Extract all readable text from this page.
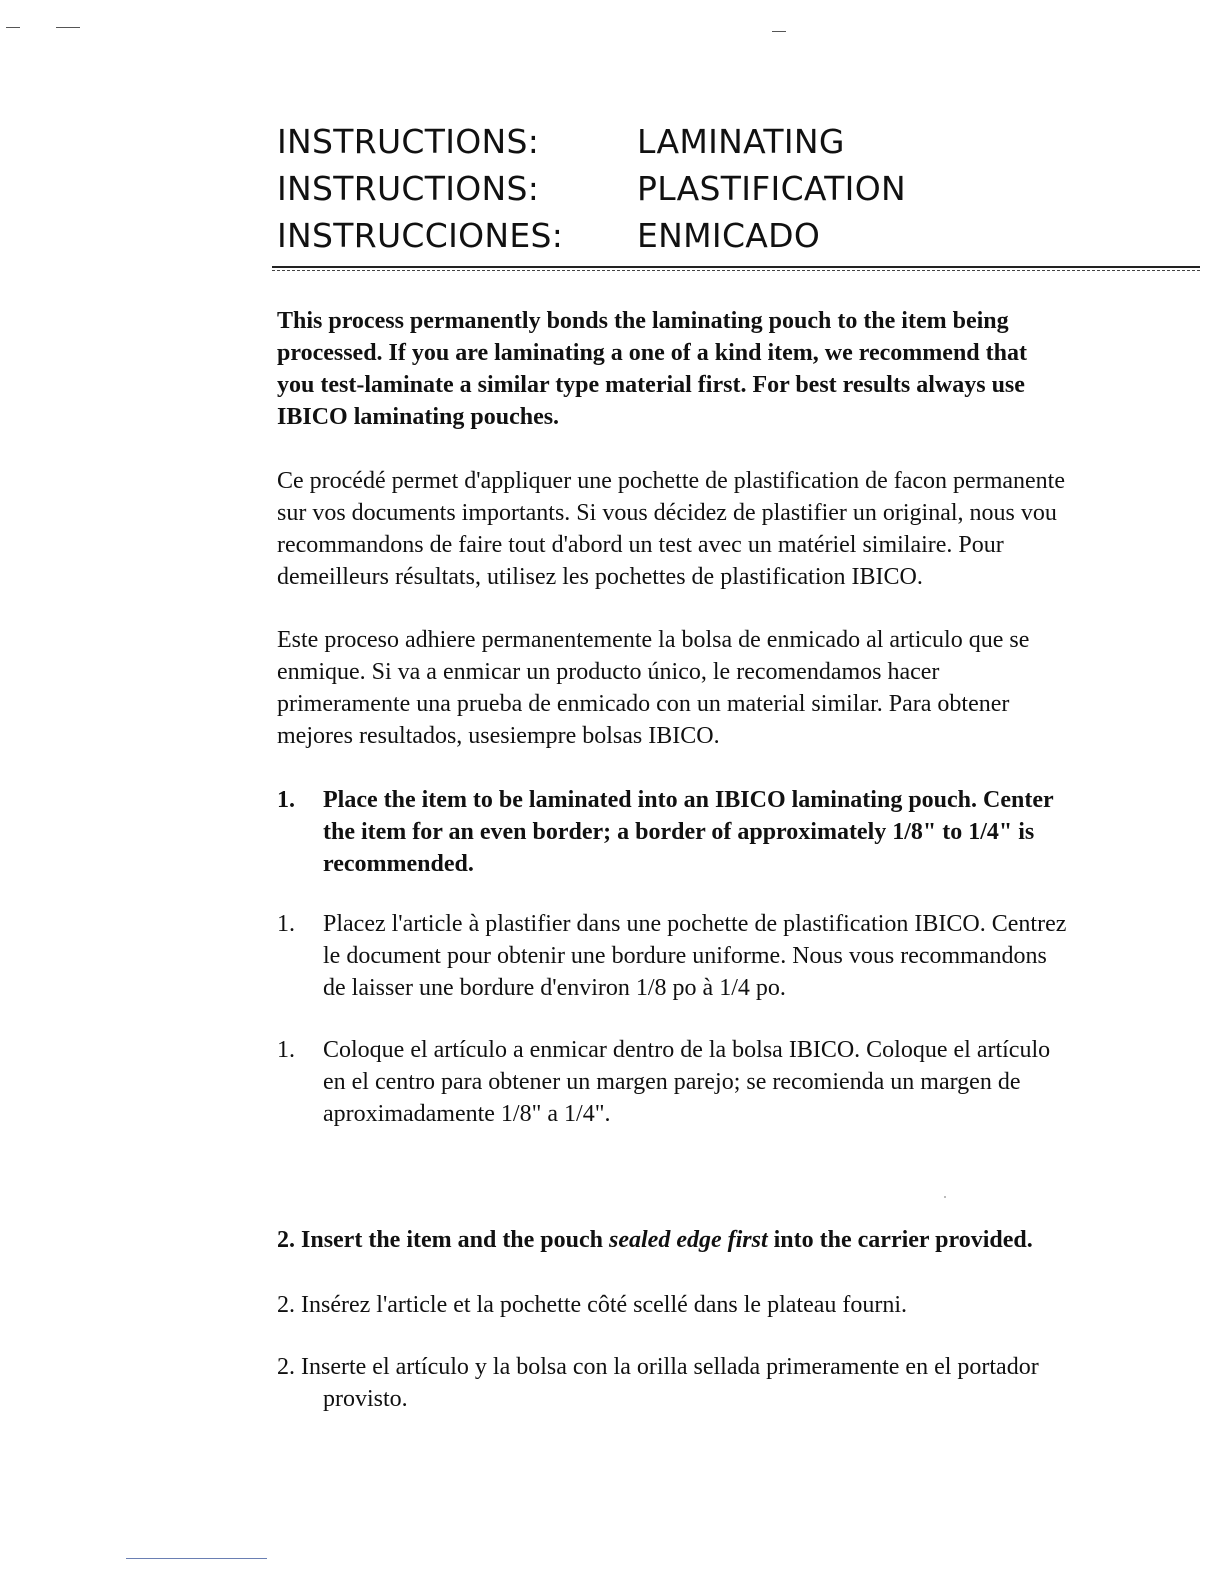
INSTRUCTIONS:	LAMINATING
INSTRUCTIONS:	PLASTIFICATION
INSTRUCCIONES:	ENMICADO
This process permanently bonds the laminating pouch to the item being
processed. If you are laminating a one of a kind item, we recommend that
you test-laminate a similar type material first. For best results always use
IBICO laminating pouches.
Ce procédé permet d'appliquer une pochette de plastification de facon permanente
sur vos documents importants. Si vous décidez de plastifier un original, nous vou
recommandons de faire tout d'abord un test avec un matériel similaire. Pour
demeilleurs résultats, utilisez les pochettes de plastification IBICO.
Este proceso adhiere permanentemente la bolsa de enmicado al articulo que se
enmique. Si va a enmicar un producto único, le recomendamos hacer
primeramente una prueba de enmicado con un material similar. Para obtener
mejores resultados, usesiempre bolsas IBICO.
1. Place the item to be laminated into an IBICO laminating pouch. Center
the item for an even border; a border of approximately 1/8" to 1/4" is
recommended.
1. Placez l'article à plastifier dans une pochette de plastification IBICO. Centrez
le document pour obtenir une bordure uniforme. Nous vous recommandons
de laisser une bordure d'environ 1/8 po à 1/4 po.
1. Coloque el artículo a enmicar dentro de la bolsa IBICO. Coloque el artículo
en el centro para obtener un margen parejo; se recomienda un margen de
aproximadamente 1/8" a 1/4".
2. Insert the item and the pouch sealed edge first into the carrier provided.
2. Insérez l'article et la pochette côté scellé dans le plateau fourni.
2. Inserte el artículo y la bolsa con la orilla sellada primeramente en el portador
provisto.
